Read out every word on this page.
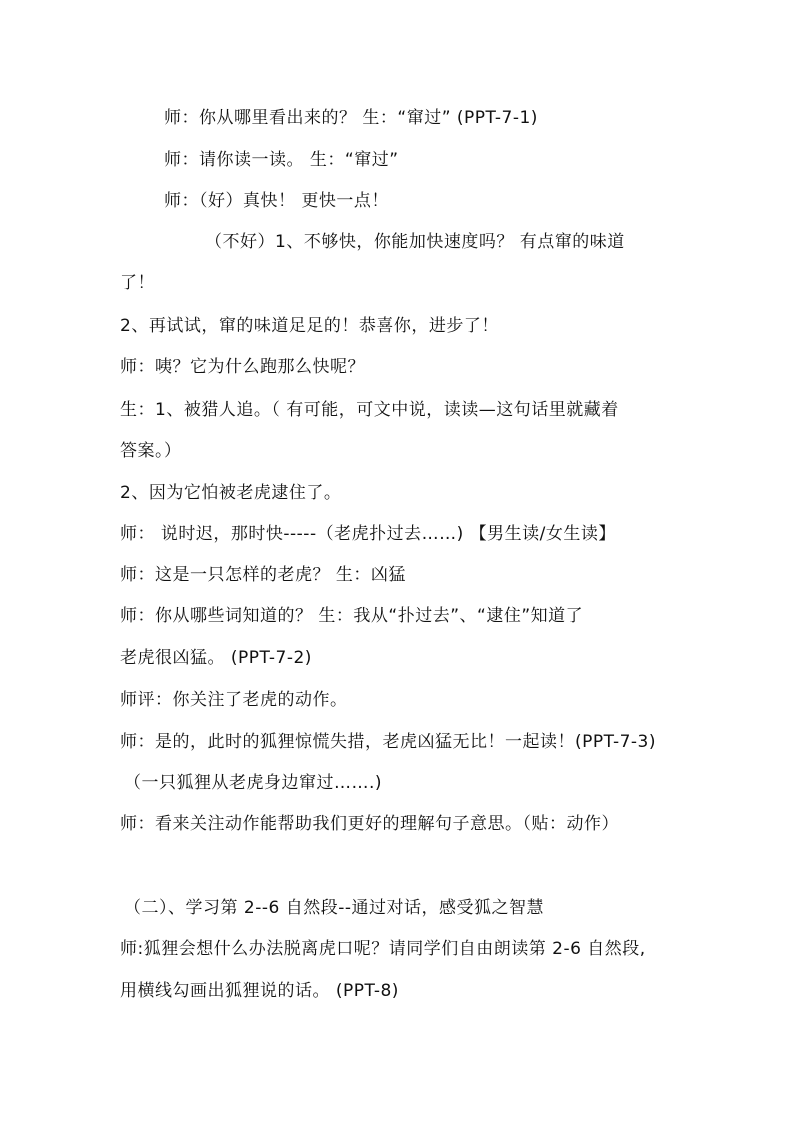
师：你从哪里看出来的？ 生：“窜过” (PPT-7-1)
师：请你读一读。 生：“窜过”
师：（好）真快！ 更快一点！
（不好）1、不够快，你能加快速度吗？ 有点窜的味道
了！
2、再试试，窜的味道足足的！恭喜你，进步了！
师：咦？它为什么跑那么快呢？
生：1、被猎人追。（ 有可能，可文中说，读读—这句话里就藏着
答案。）
2、因为它怕被老虎逮住了。
师： 说时迟，那时快-----（老虎扑过去……) 【男生读/女生读】
师：这是一只怎样的老虎？ 生：凶猛
师：你从哪些词知道的？ 生：我从“扑过去”、“逮住”知道了
老虎很凶猛。 (PPT-7-2)
师评：你关注了老虎的动作。
师：是的，此时的狐狸惊慌失措，老虎凶猛无比！一起读！(PPT-7-3)
（一只狐狸从老虎身边窜过…….)
师：看来关注动作能帮助我们更好的理解句子意思。（贴：动作）
（二）、学习第 2--6 自然段--通过对话，感受狐之智慧
师:狐狸会想什么办法脱离虎口呢？请同学们自由朗读第 2-6 自然段,
用横线勾画出狐狸说的话。 (PPT-8)
